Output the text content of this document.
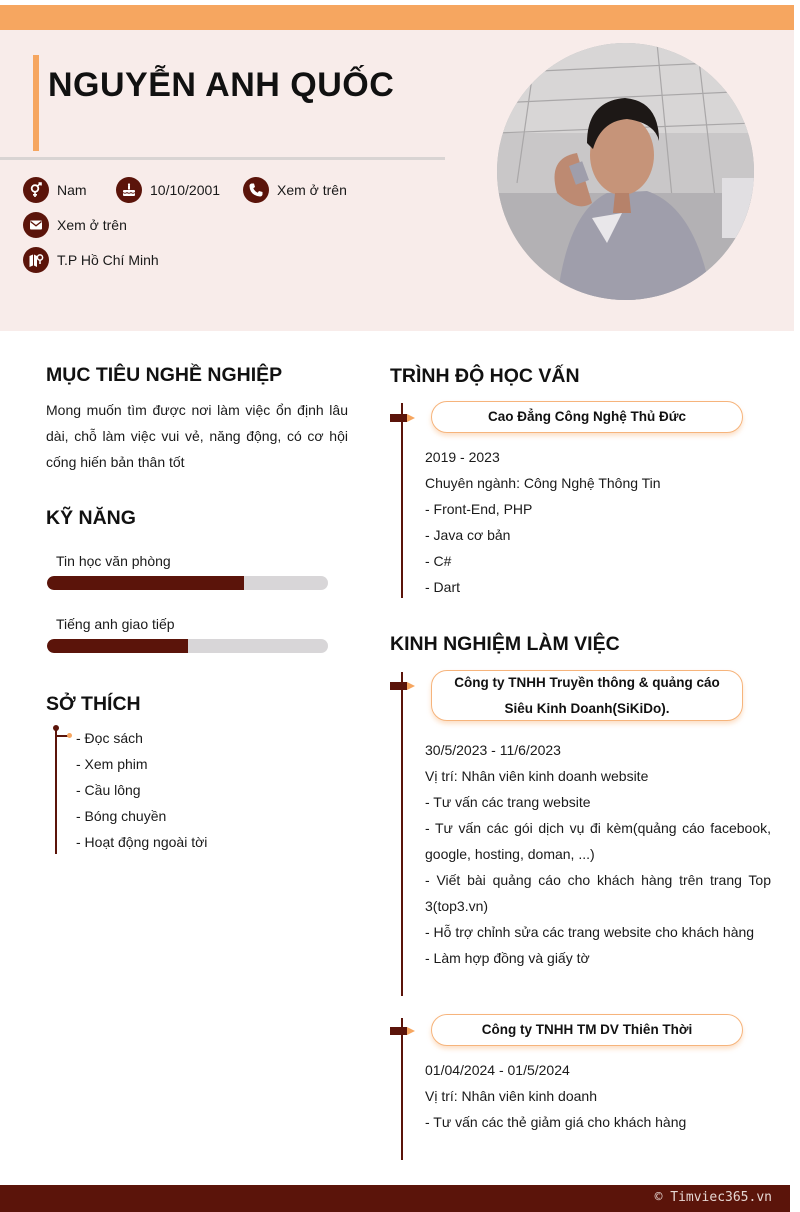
NGUYỄN ANH QUỐC
Nam	10/10/2001	Xem ở trên
Xem ở trên
T.P Hồ Chí Minh
MỤC TIÊU NGHỀ NGHIỆP
Mong muốn tìm được nơi làm việc ổn định lâu dài, chỗ làm việc vui vẻ, năng động, có cơ hội cống hiến bản thân tốt
KỸ NĂNG
Tin học văn phòng
Tiếng anh giao tiếp
SỞ THÍCH
- Đọc sách
- Xem phim
- Cầu lông
- Bóng chuyền
- Hoạt động ngoài tời
TRÌNH ĐỘ HỌC VẤN
Cao Đẳng Công Nghệ Thủ Đức
2019 - 2023
Chuyên ngành: Công Nghệ Thông Tin
- Front-End, PHP
- Java cơ bản
- C#
- Dart
KINH NGHIỆM LÀM VIỆC
Công ty TNHH Truyền thông & quảng cáo Siêu Kinh Doanh(SiKiDo).
30/5/2023 - 11/6/2023
Vị trí: Nhân viên kinh doanh website
- Tư vấn các trang website
- Tư vấn các gói dịch vụ đi kèm(quảng cáo facebook, google, hosting, doman, ...)
- Viết bài quảng cáo cho khách hàng trên trang Top 3(top3.vn)
- Hỗ trợ chỉnh sửa các trang website cho khách hàng
- Làm hợp đồng và giấy tờ
Công ty TNHH TM DV Thiên Thời
01/04/2024 - 01/5/2024
Vị trí: Nhân viên kinh doanh
- Tư vấn các thẻ giảm giá cho khách hàng
© Timviec365.vn
